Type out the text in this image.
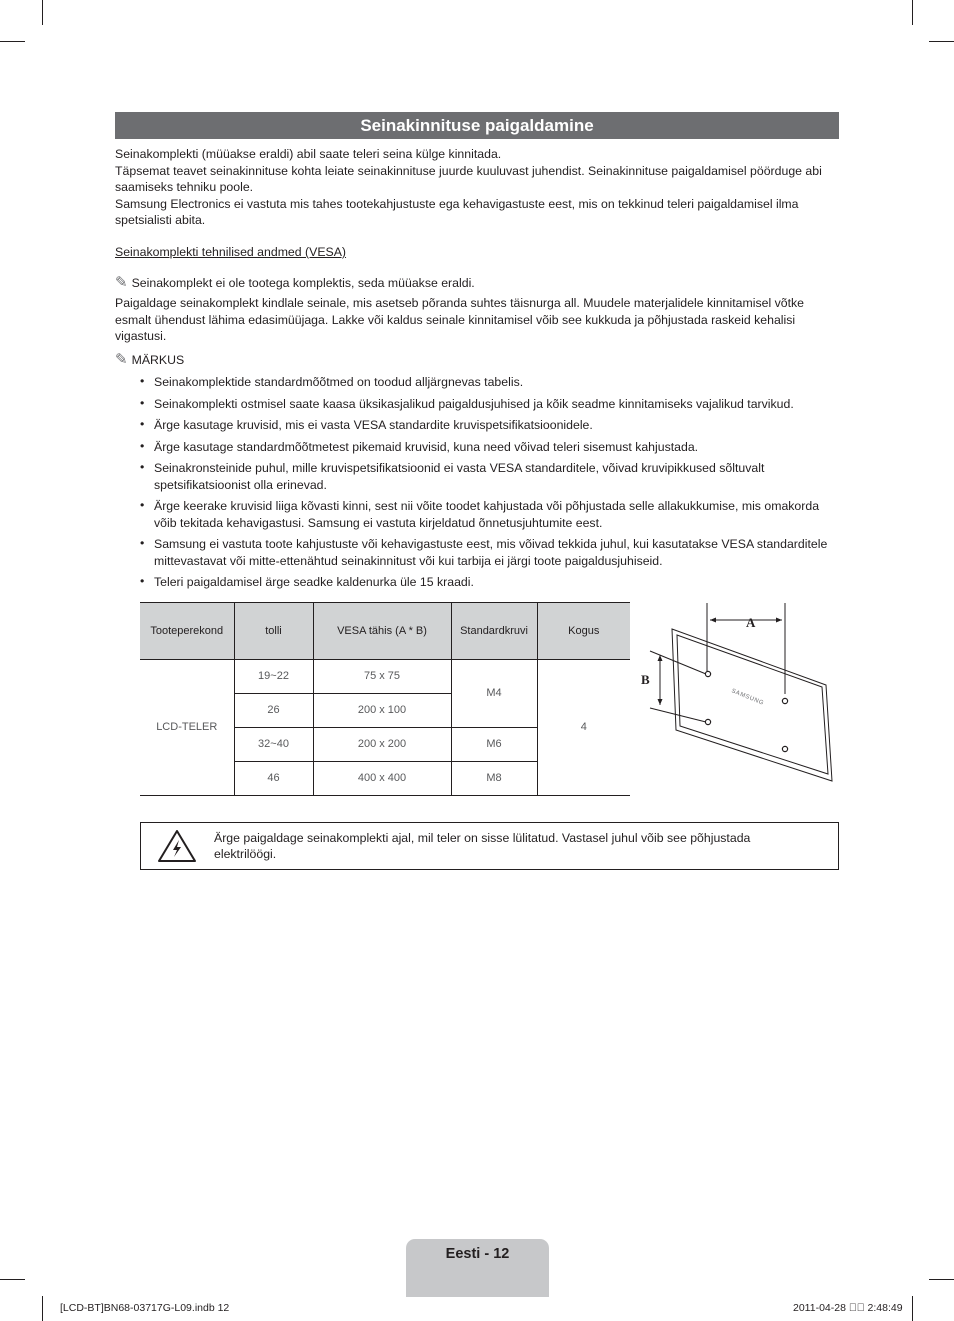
Seinakinnituse paigaldamine

Seinakomplekti (müüakse eraldi) abil saate teleri seina külge kinnitada.

Täpsemat teavet seinakinnituse kohta leiate seinakinnituse juurde kuuluvast juhendist. Seinakinnituse paigaldamisel pöörduge abi saamiseks tehniku poole.

Samsung Electronics ei vastuta mis tahes tootekahjustuste ega kehavigastuste eest, mis on tekkinud teleri paigaldamisel ilma spetsialisti abita.

Seinakomplekti tehnilised andmed (VESA)
✎ Seinakomplekt ei ole tootega komplektis, seda müüakse eraldi.
Paigaldage seinakomplekt kindlale seinale, mis asetseb põranda suhtes täisnurga all. Muudele materjalidele kinnitamisel võtke esmalt ühendust lähima edasimüüjaga. Lakke või kaldus seinale kinnitamisel võib see kukkuda ja põhjustada raskeid kehalisi vigastusi.
✎ MÄRKUS
• Seinakomplektide standardmõõtmed on toodud alljärgnevas tabelis.
• Seinakomplekti ostmisel saate kaasa üksikasjalikud paigaldusjuhised ja kõik seadme kinnitamiseks vajalikud tarvikud.
• Ärge kasutage kruvisid, mis ei vasta VESA standardite kruvispetsifikatsioonidele.
• Ärge kasutage standardmõõtmetest pikemaid kruvisid, kuna need võivad teleri sisemust kahjustada.
• Seinakronsteinide puhul, mille kruvispetsifikatsioonid ei vasta VESA standarditele, võivad kruvipikkused sõltuvalt spetsifikatsioonist olla erinevad.
• Ärge keerake kruvisid liiga kõvasti kinni, sest nii võite toodet kahjustada või põhjustada selle allakukkumise, mis omakorda võib tekitada kehavigastusi. Samsung ei vastuta kirjeldatud õnnetusjuhtumite eest.
• Samsung ei vastuta toote kahjustuste või kehavigastuste eest, mis võivad tekkida juhul, kui kasutatakse VESA standarditele mittevastavat või mitte-ettenähtud seinakinnitust või kui tarbija ei järgi toote paigaldusjuhiseid.
• Teleri paigaldamisel ärge seadke kaldenurka üle 15 kraadi.
Tooteperekond	tolli	VESA tähis (A * B)	Standardkruvi	Kogus
LCD-TELER	19~22	75 x 75	M4	4
	26	200 x 100		
	32~40	200 x 200	M6	
	46	400 x 400	M8	
A
B
SAMSUNG
Ärge paigaldage seinakomplekti ajal, mil teler on sisse lülitatud. Vastasel juhul võib see põhjustada elektrilöögi.
Eesti - 12
[LCD-BT]BN68-03717G-L09.indb 12	2011-04-28 ￿￿ 2:48:49
